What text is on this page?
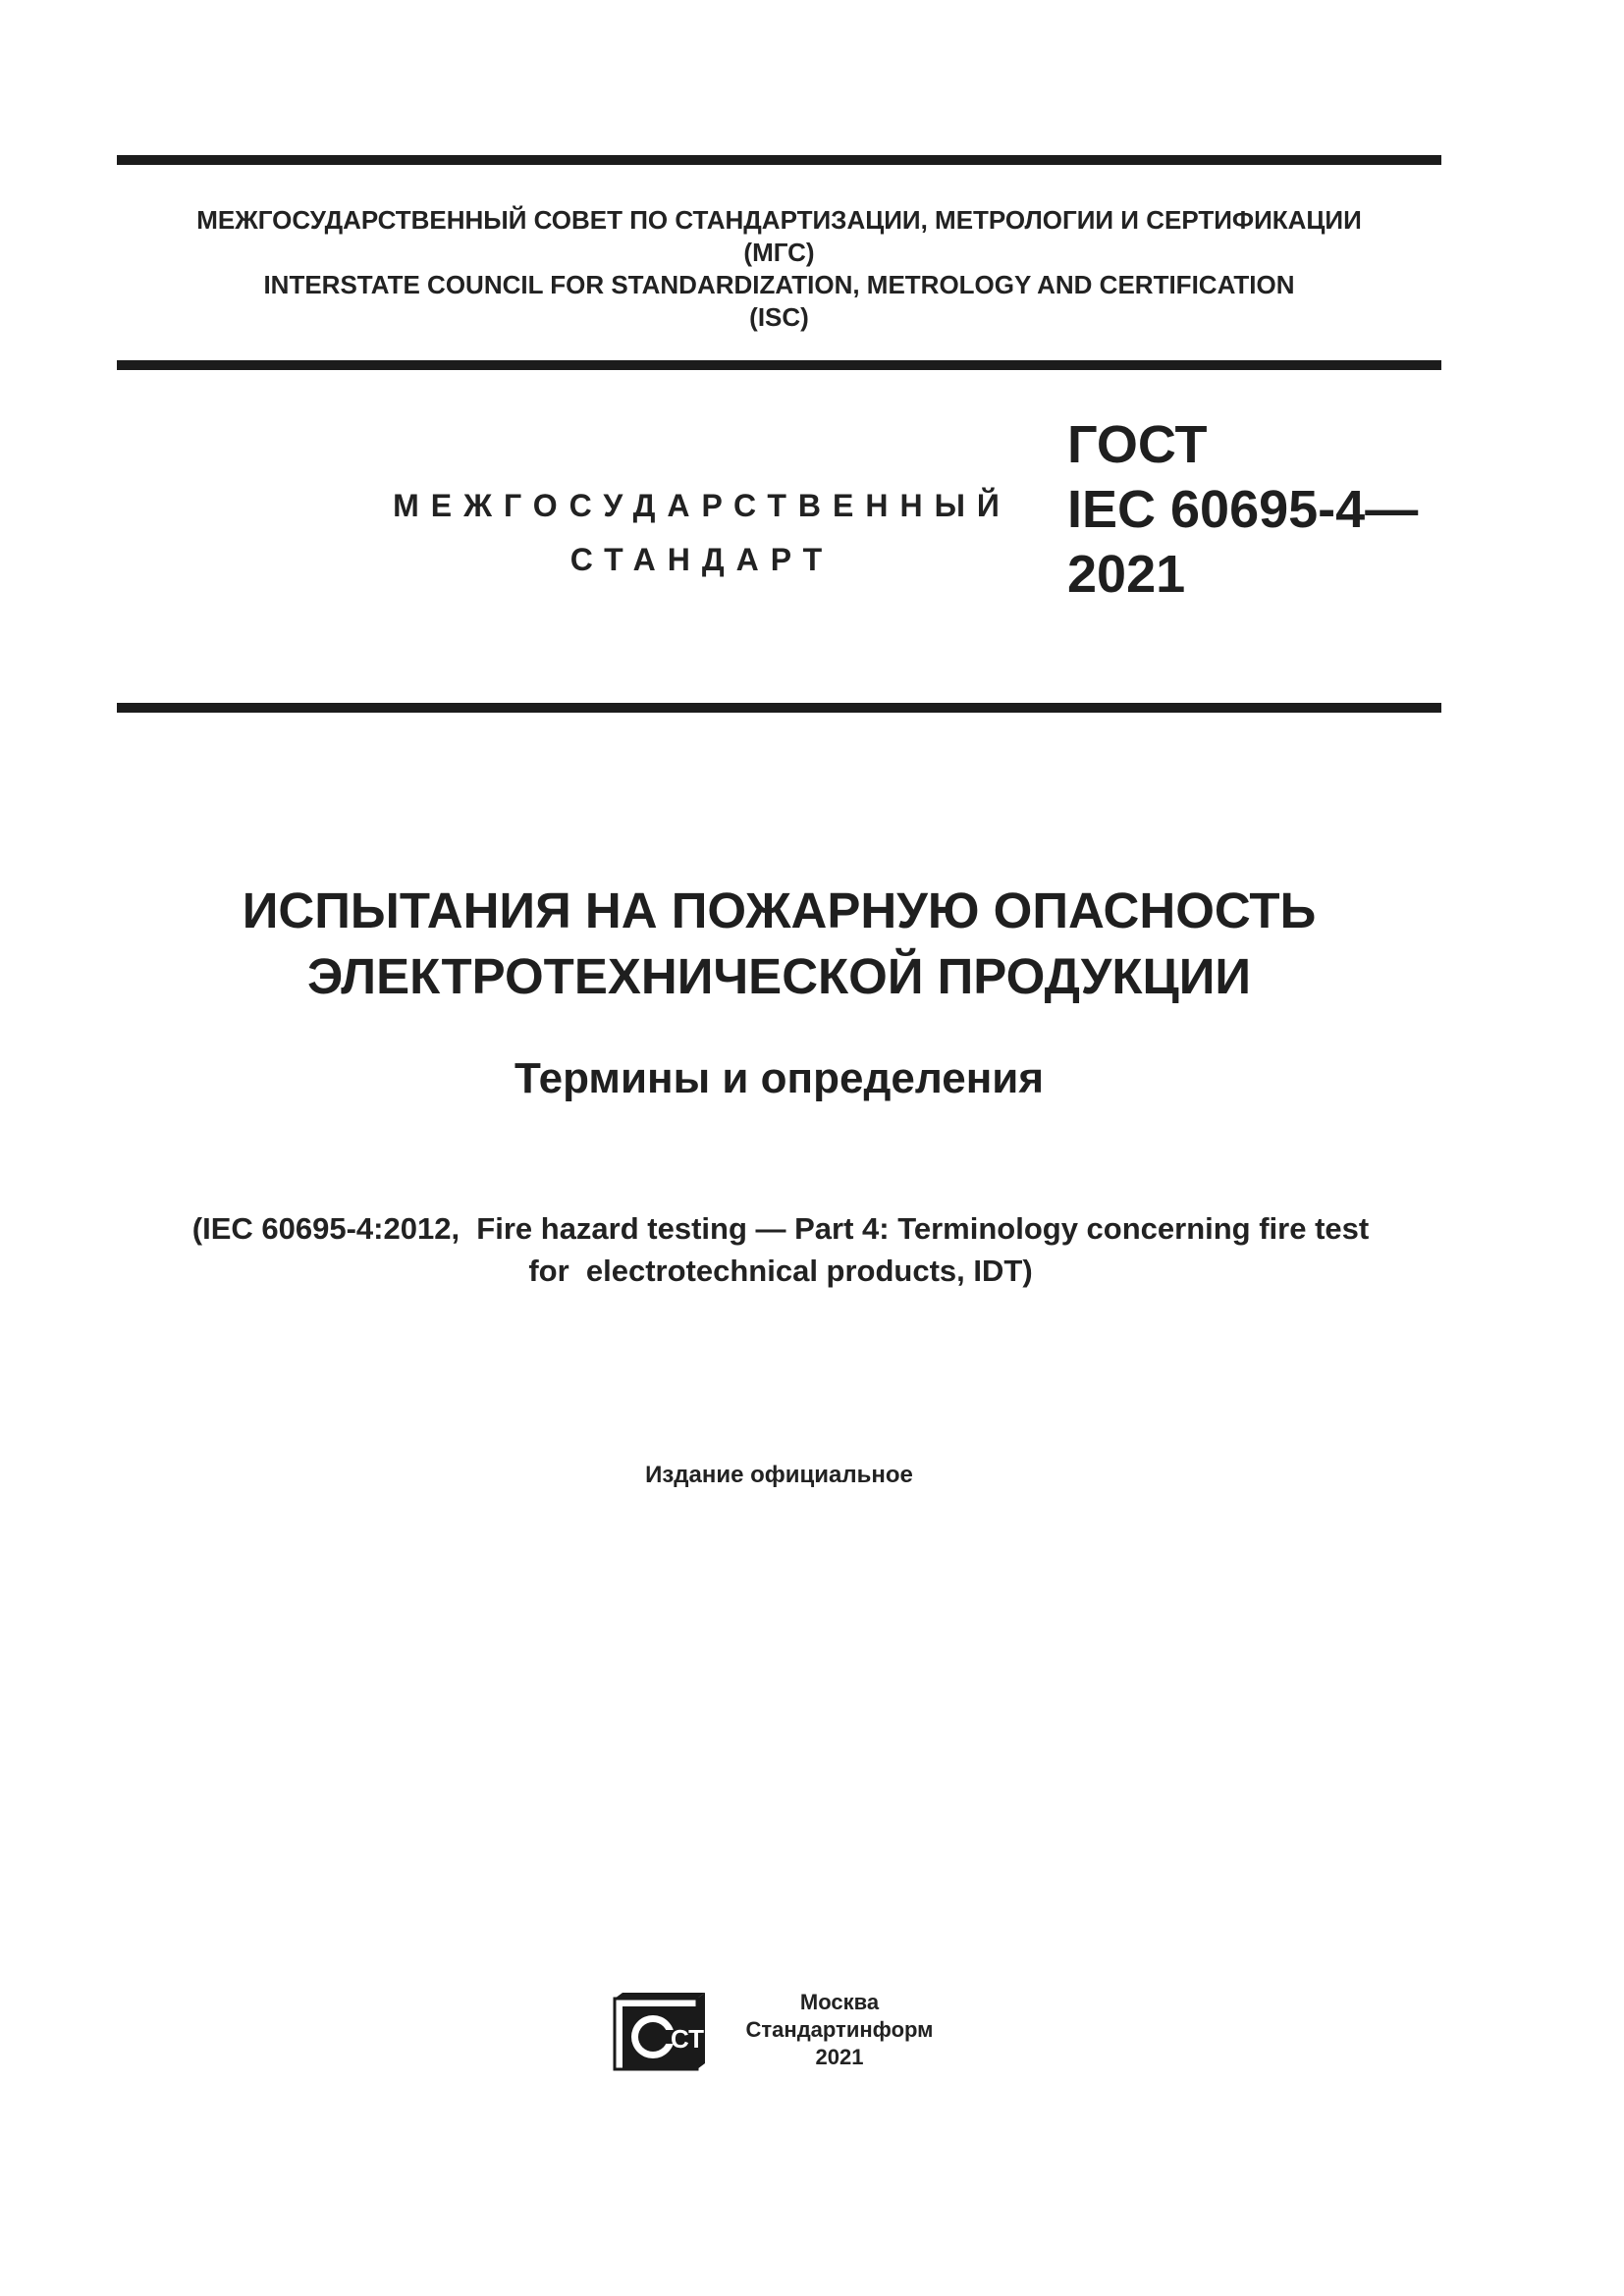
МЕЖГОСУДАРСТВЕННЫЙ СОВЕТ ПО СТАНДАРТИЗАЦИИ, МЕТРОЛОГИИ И СЕРТИФИКАЦИИ
(МГС)
INTERSTATE COUNCIL FOR STANDARDIZATION, METROLOGY AND CERTIFICATION
(ISC)
МЕЖГОСУДАРСТВЕННЫЙ
СТАНДАРТ
ГОСТ
IEC 60695-4—
2021
ИСПЫТАНИЯ НА ПОЖАРНУЮ ОПАСНОСТЬ
ЭЛЕКТРОТЕХНИЧЕСКОЙ ПРОДУКЦИИ
Термины и определения
(IEC 60695-4:2012,  Fire hazard testing — Part 4: Terminology concerning fire test
for  electrotechnical products, IDT)
Издание официальное
СТИ
Москва
Стандартинформ
2021
